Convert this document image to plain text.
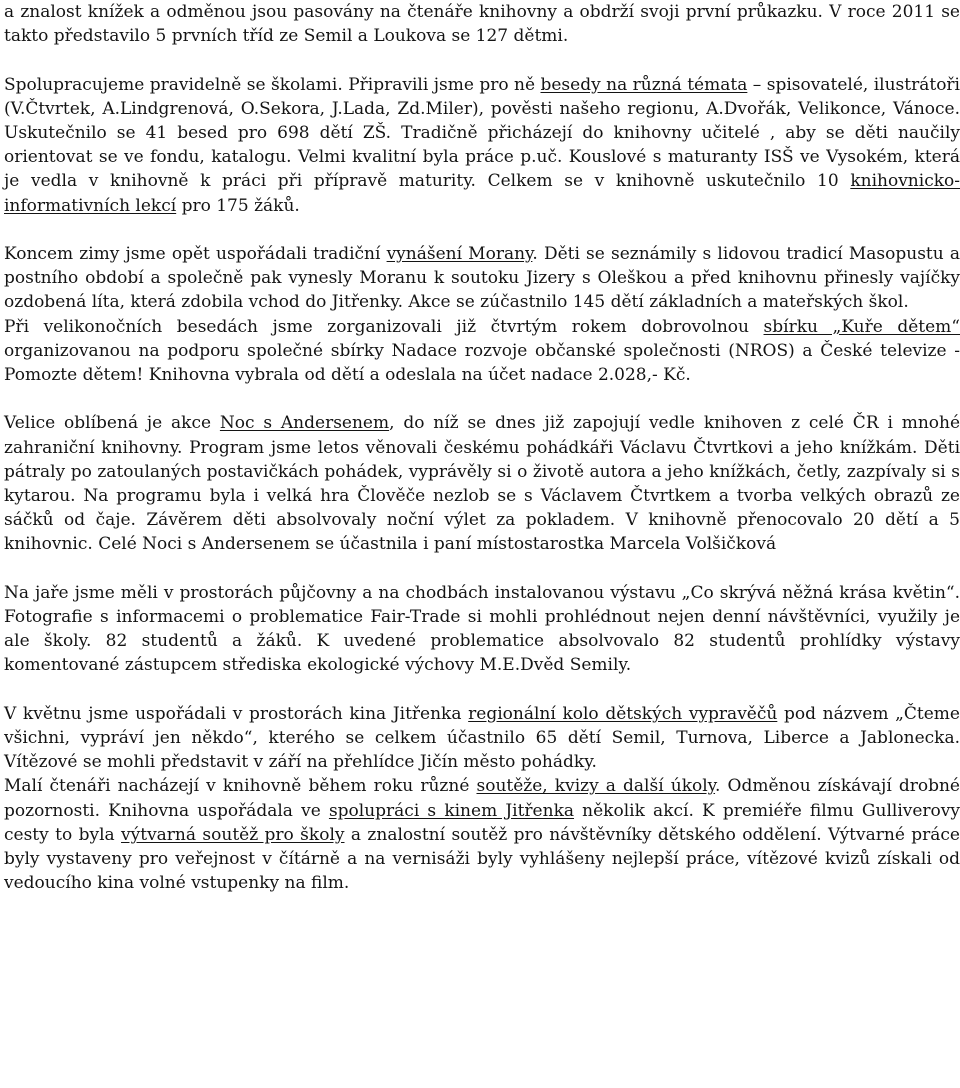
a znalost knížek a odměnou jsou pasovány na čtenáře knihovny a obdrží svoji první průkazku. V roce 2011 se takto představilo 5 prvních tříd ze Semil a Loukova se 127 dětmi.

Spolupracujeme pravidelně se školami. Připravili jsme pro ně besedy na různá témata – spisovatelé, ilustrátoři (V.Čtvrtek, A.Lindgrenová, O.Sekora, J.Lada, Zd.Miler), pověsti našeho regionu, A.Dvořák, Velikonce, Vánoce. Uskutečnilo se 41 besed pro 698 dětí ZŠ. Tradičně přicházejí do knihovny učitelé , aby se děti naučily orientovat se ve fondu, katalogu. Velmi kvalitní byla práce p.uč. Kouslové s maturanty ISŠ ve Vysokém, která je vedla v knihovně k práci při přípravě maturity. Celkem se v knihovně uskutečnilo 10 knihovnicko-informativních lekcí pro 175 žáků.

Koncem zimy jsme opět uspořádali tradiční vynášení Morany. Děti se seznámily s lidovou tradicí Masopustu a postního období a společně pak vynesly Moranu k soutoku Jizery s Oleškou a před knihovnu přinesly vajíčky ozdobená líta, která zdobila vchod do Jitřenky. Akce se zúčastnilo 145 dětí základních a mateřských škol.

Při velikonočních besedách jsme zorganizovali již čtvrtým rokem dobrovolnou sbírku „Kuře dětem“ organizovanou na podporu společné sbírky Nadace rozvoje občanské společnosti (NROS) a České televize - Pomozte dětem! Knihovna vybrala od dětí a odeslala na účet nadace 2.028,- Kč.

Velice oblíbená je akce Noc s Andersenem, do níž se dnes již zapojují vedle knihoven z celé ČR i mnohé zahraniční knihovny. Program jsme letos věnovali českému pohádkáři Václavu Čtvrtkovi a jeho knížkám. Děti pátraly po zatoulaných postavičkách pohádek, vyprávěly si o životě autora a jeho knížkách, četly, zazpívaly si s kytarou. Na programu byla i velká hra Člověče nezlob se s Václavem Čtvrtkem a tvorba velkých obrazů ze sáčků od čaje. Závěrem děti absolvovaly noční výlet za pokladem. V knihovně přenocovalo 20 dětí a 5 knihovnic. Celé Noci s Andersenem se účastnila i paní místostarostka Marcela Volšičková

Na jaře jsme měli v prostorách půjčovny a na chodbách instalovanou výstavu „Co skrývá něžná krása květin“. Fotografie s informacemi o problematice Fair-Trade si mohli prohlédnout nejen denní návštěvníci, využily je ale školy. 82 studentů a žáků. K uvedené problematice absolvovalo 82 studentů prohlídky výstavy komentované zástupcem střediska ekologické výchovy M.E.Dvěd Semily.

V květnu jsme uspořádali v prostorách kina Jitřenka regionální kolo dětských vypravěčů pod názvem „Čteme všichni, vypráví jen někdo“, kterého se celkem účastnilo 65 dětí Semil, Turnova, Liberce a Jablonecka. Vítězové se mohli představit v září na přehlídce Jičín město pohádky.

Malí čtenáři nacházejí v knihovně během roku různé soutěže, kvizy a další úkoly. Odměnou získávají drobné pozornosti. Knihovna uspořádala ve spolupráci s kinem Jitřenka několik akcí. K premiéře filmu Gulliverovy cesty to byla výtvarná soutěž pro školy a znalostní soutěž pro návštěvníky dětského oddělení. Výtvarné práce byly vystaveny pro veřejnost v čítárně a na vernisáži byly vyhlášeny nejlepší práce, vítězové kvizů získali od vedoucího kina volné vstupenky na film.
